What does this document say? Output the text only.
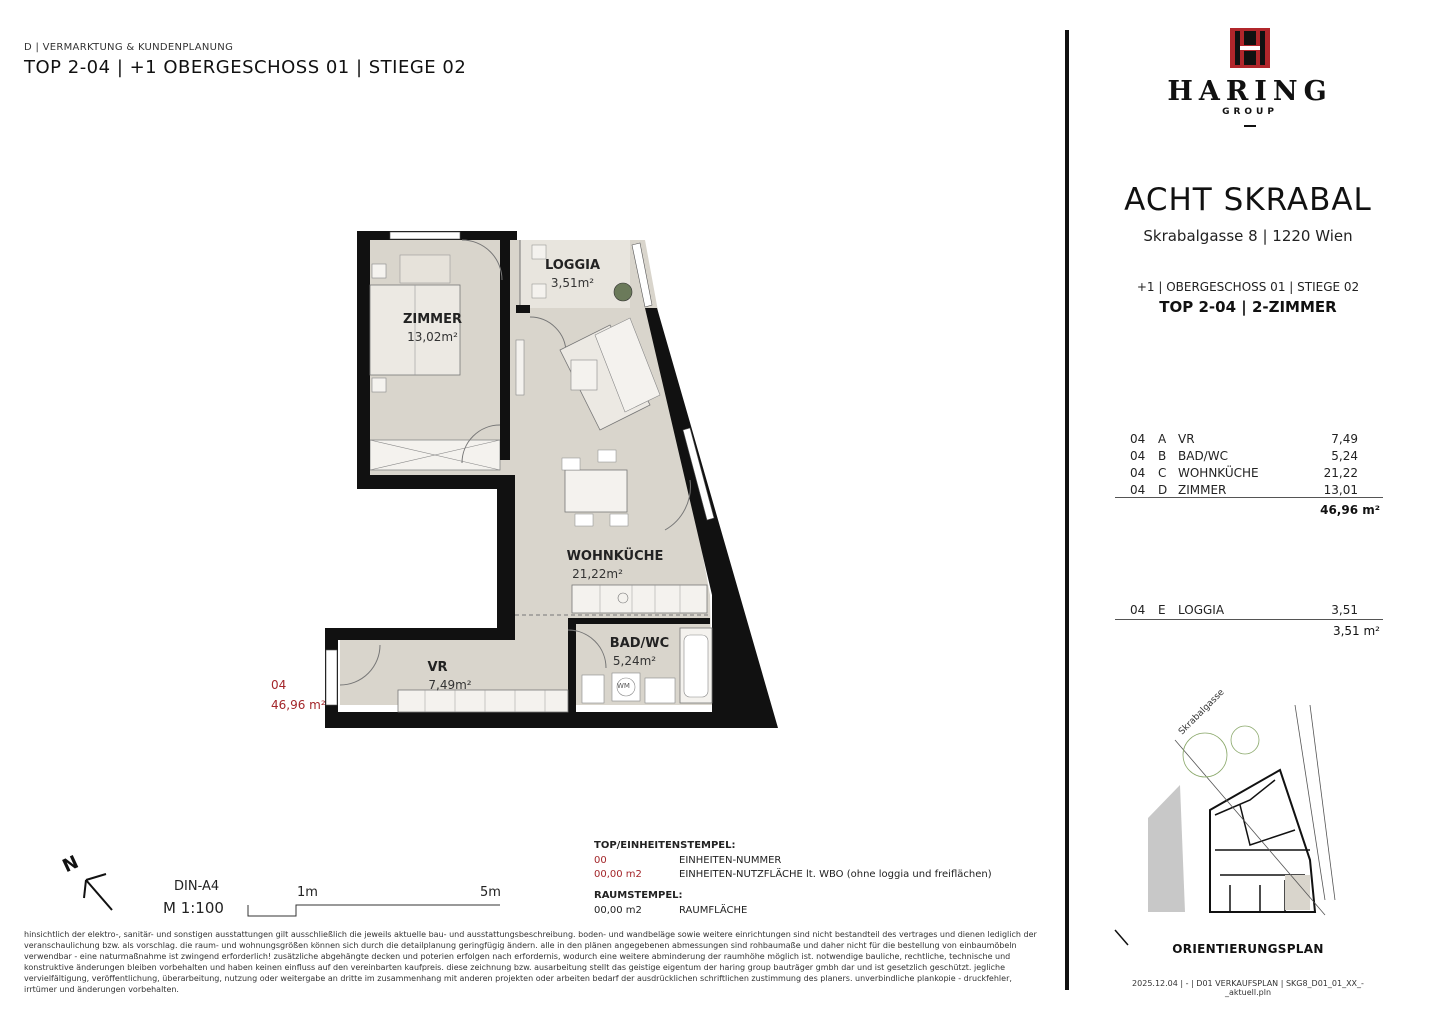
D | VERMARKTUNG & KUNDENPLANUNG
TOP 2-04 | +1 OBERGESCHOSS 01 | STIEGE 02
HARING
GROUP
ACHT SKRABAL
Skrabalgasse 8 | 1220 Wien
+1 | OBERGESCHOSS 01 | STIEGE 02
TOP 2-04 | 2-ZIMMER
04 A VR	7,49
04 B BAD/WC	5,24
04 C WOHNKÜCHE	21,22
04 D ZIMMER	13,01
46,96 m²
04 E LOGGIA	3,51
3,51 m²
1m	5m
N
ZIMMER
13,02m²
LOGGIA
3,51m²
WOHNKÜCHE
21,22m²
BAD/WC
5,24m²
VR
7,49m²	WM
04
46,96 m²
DIN-A4
M 1:100
TOP/EINHEITENSTEMPEL:
00	EINHEITEN-NUMMER
00,00 m2	EINHEITEN-NUTZFLÄCHE lt. WBO (ohne loggia und freiflächen)
RAUMSTEMPEL:
00,00 m2	RAUMFLÄCHE
hinsichtlich der elektro-, sanitär- und sonstigen ausstattungen gilt ausschließlich die jeweils aktuelle bau- und ausstattungsbeschreibung. boden- und wandbeläge sowie weitere einrichtungen sind nicht bestandteil des vertrages und dienen lediglich der veranschaulichung bzw. als vorschlag. die raum- und wohnungsgrößen können sich durch die detailplanung geringfügig ändern. alle in den plänen angegebenen abmessungen sind rohbaumaße und daher nicht für die bestellung von einbaumöbeln verwendbar - eine naturmaßnahme ist zwingend erforderlich! zusätzliche abgehängte decken und poterien erfolgen nach erfordernis, wodurch eine weitere abminderung der raumhöhe möglich ist. notwendige bauliche, rechtliche, technische und konstruktive änderungen bleiben vorbehalten und haben keinen einfluss auf den vereinbarten kaufpreis. diese zeichnung bzw. ausarbeitung stellt das geistige eigentum der haring group bauträger gmbh dar und ist gesetzlich geschützt. jegliche vervielfältigung, veröffentlichung, überarbeitung, nutzung oder weitergabe an dritte im zusammenhang mit anderen projekten oder arbeiten bedarf der ausdrücklichen schriftlichen zustimmung des planers. unverbindliche plankopie - druckfehler, irrtümer und änderungen vorbehalten.
Skrabalgasse
ORIENTIERUNGSPLAN
2025.12.04 | - | D01 VERKAUFSPLAN | SKG8_D01_01_XX_-_aktuell.pln
